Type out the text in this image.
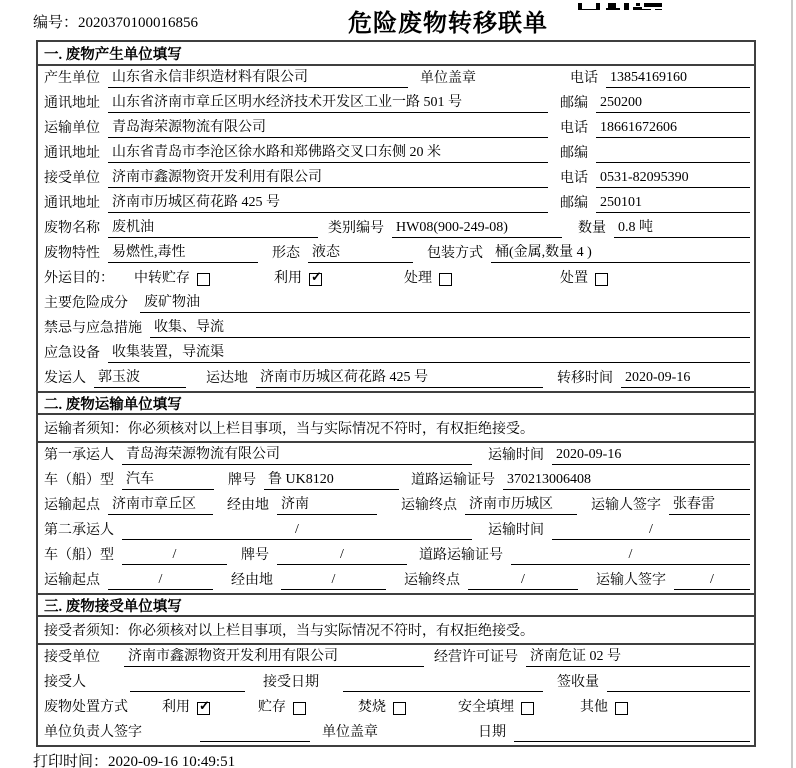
编号：2020370100016856	危险废物转移联单
一. 废物产生单位填写
产生单位 山东省永信非织造材料有限公司	单位盖章	电话 13854169160
通讯地址 山东省济南市章丘区明水经济技术开发区工业一路 501 号	邮编 250200
运输单位 青岛海荣源物流有限公司	电话 18661672606
通讯地址 山东省青岛市李沧区徐水路和郑佛路交叉口东侧 20 米	邮编
接受单位 济南市鑫源物资开发利用有限公司	电话 0531-82095390
通讯地址 济南市历城区荷花路 425 号	邮编 250101
废物名称 废机油	类别编号 HW08(900-249-08)	数量 0.8 吨
废物特性 易燃性,毒性	形态 液态	包装方式 桶(金属,数量 4 )
外运目的： 中转贮存	利用 ✓	处理	处置
主要危险成分 废矿物油
禁忌与应急措施 收集、导流
应急设备 收集装置，导流渠
发运人 郭玉波	运达地 济南市历城区荷花路 425 号	转移时间 2020-09-16
二. 废物运输单位填写
运输者须知：你必须核对以上栏目事项，当与实际情况不符时，有权拒绝接受。
第一承运人 青岛海荣源物流有限公司	运输时间 2020-09-16
车（船）型 汽车	牌号 鲁 UK8120	道路运输证号 370213006408
运输起点 济南市章丘区	经由地 济南	运输终点 济南市历城区	运输人签字 张春雷
第二承运人	/	运输时间	/
车（船）型	/	牌号	/	道路运输证号	/
运输起点	/	经由地	/	运输终点	/	运输人签字	/
三. 废物接受单位填写
接受者须知：你必须核对以上栏目事项，当与实际情况不符时，有权拒绝接受。
接受单位 济南市鑫源物资开发利用有限公司	经营许可证号 济南危证 02 号
接受人	接受日期	签收量
废物处置方式 利用 ✓	贮存	焚烧	安全填埋	其他
单位负责人签字	单位盖章	日期
打印时间：2020-09-16 10:49:51
